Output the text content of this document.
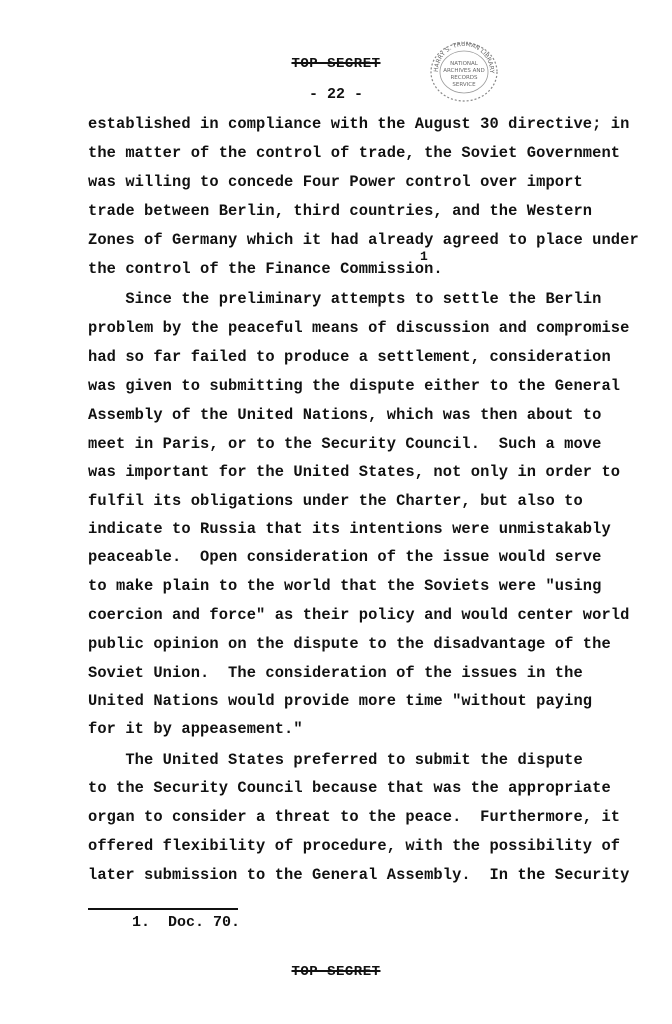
TOP SECRET
- 22 -
HARRY S. TRUMAN LIBRARY
NATIONAL
ARCHIVES AND
RECORDS
SERVICE
established in compliance with the August 30 directive; in
the matter of the control of trade, the Soviet Government
was willing to concede Four Power control over import
trade between Berlin, third countries, and the Western
Zones of Germany which it had already agreed to place under
the control of the Finance Commission.
1
Since the preliminary attempts to settle the Berlin
problem by the peaceful means of discussion and compromise
had so far failed to produce a settlement, consideration
was given to submitting the dispute either to the General
Assembly of the United Nations, which was then about to
meet in Paris, or to the Security Council.  Such a move
was important for the United States, not only in order to
fulfil its obligations under the Charter, but also to
indicate to Russia that its intentions were unmistakably
peaceable.  Open consideration of the issue would serve
to make plain to the world that the Soviets were "using
coercion and force" as their policy and would center world
public opinion on the dispute to the disadvantage of the
Soviet Union.  The consideration of the issues in the
United Nations would provide more time "without paying
for it by appeasement."
The United States preferred to submit the dispute
to the Security Council because that was the appropriate
organ to consider a threat to the peace.  Furthermore, it
offered flexibility of procedure, with the possibility of
later submission to the General Assembly.  In the Security
1.  Doc. 70.
TOP SECRET
